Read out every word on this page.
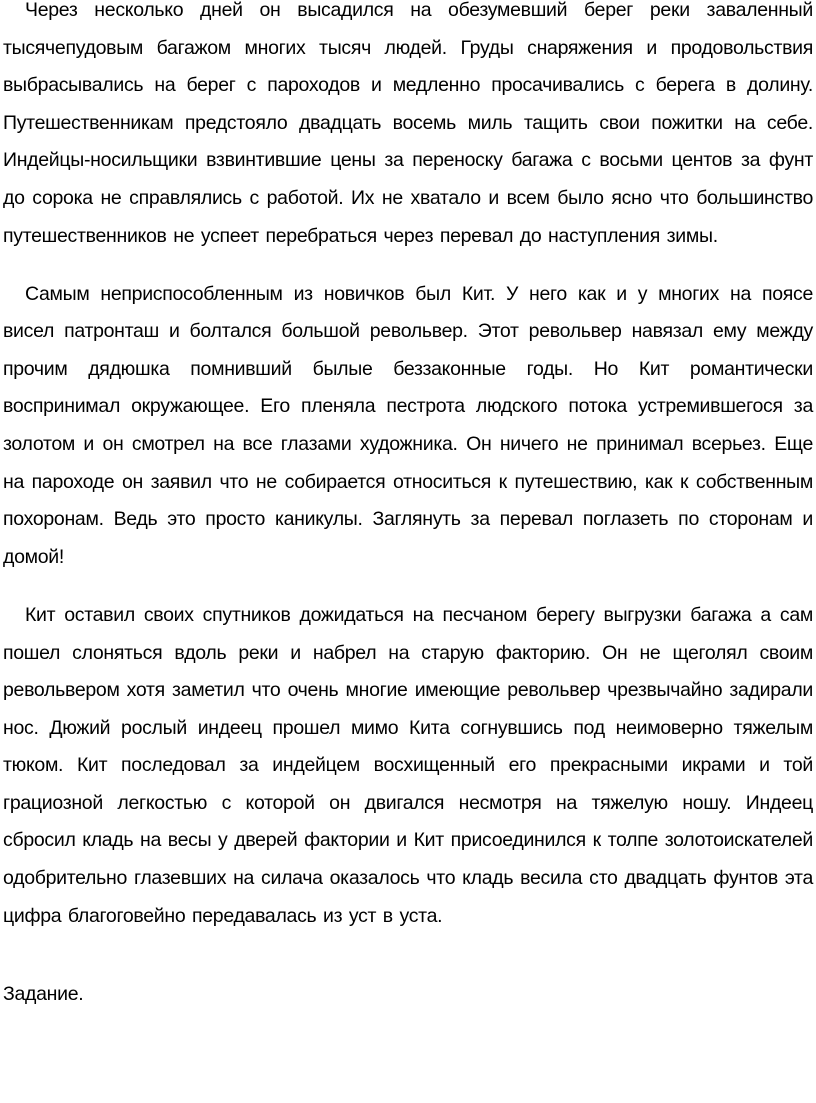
Через несколько дней он высадился на обезумевший берег реки заваленный тысячепудовым багажом многих тысяч людей. Груды снаряжения и продовольствия выбрасывались на берег с пароходов и медленно просачивались с берега в долину. Путешественникам предстояло двадцать восемь миль тащить свои пожитки на себе. Индейцы-носильщики взвинтившие цены за переноску багажа с восьми центов за фунт до сорока не справлялись с работой. Их не хватало и всем было ясно что большинство путешественников не успеет перебраться через перевал до наступления зимы.

Самым неприспособленным из новичков был Кит. У него как и у многих на поясе висел патронташ и болтался большой револьвер. Этот револьвер навязал ему между прочим дядюшка помнивший былые беззаконные годы. Но Кит романтически воспринимал окружающее. Его пленяла пестрота людского потока устремившегося за золотом и он смотрел на все глазами художника. Он ничего не принимал всерьез. Еще на пароходе он заявил что не собирается относиться к путешествию, как к собственным похоронам. Ведь это просто каникулы. Заглянуть за перевал поглазеть по сторонам и домой!

Кит оставил своих спутников дожидаться на песчаном берегу выгрузки багажа а сам пошел слоняться вдоль реки и набрел на старую факторию. Он не щеголял своим револьвером хотя заметил что очень многие имеющие револьвер чрезвычайно задирали нос. Дюжий рослый индеец прошел мимо Кита согнувшись под неимоверно тяжелым тюком. Кит последовал за индейцем восхищенный его прекрасными икрами и той грациозной легкостью с которой он двигался несмотря на тяжелую ношу. Индеец сбросил кладь на весы у дверей фактории и Кит присоединился к толпе золотоискателей одобрительно глазевших на силача оказалось что кладь весила сто двадцать фунтов эта цифра благоговейно передавалась из уст в уста.

Задание.
